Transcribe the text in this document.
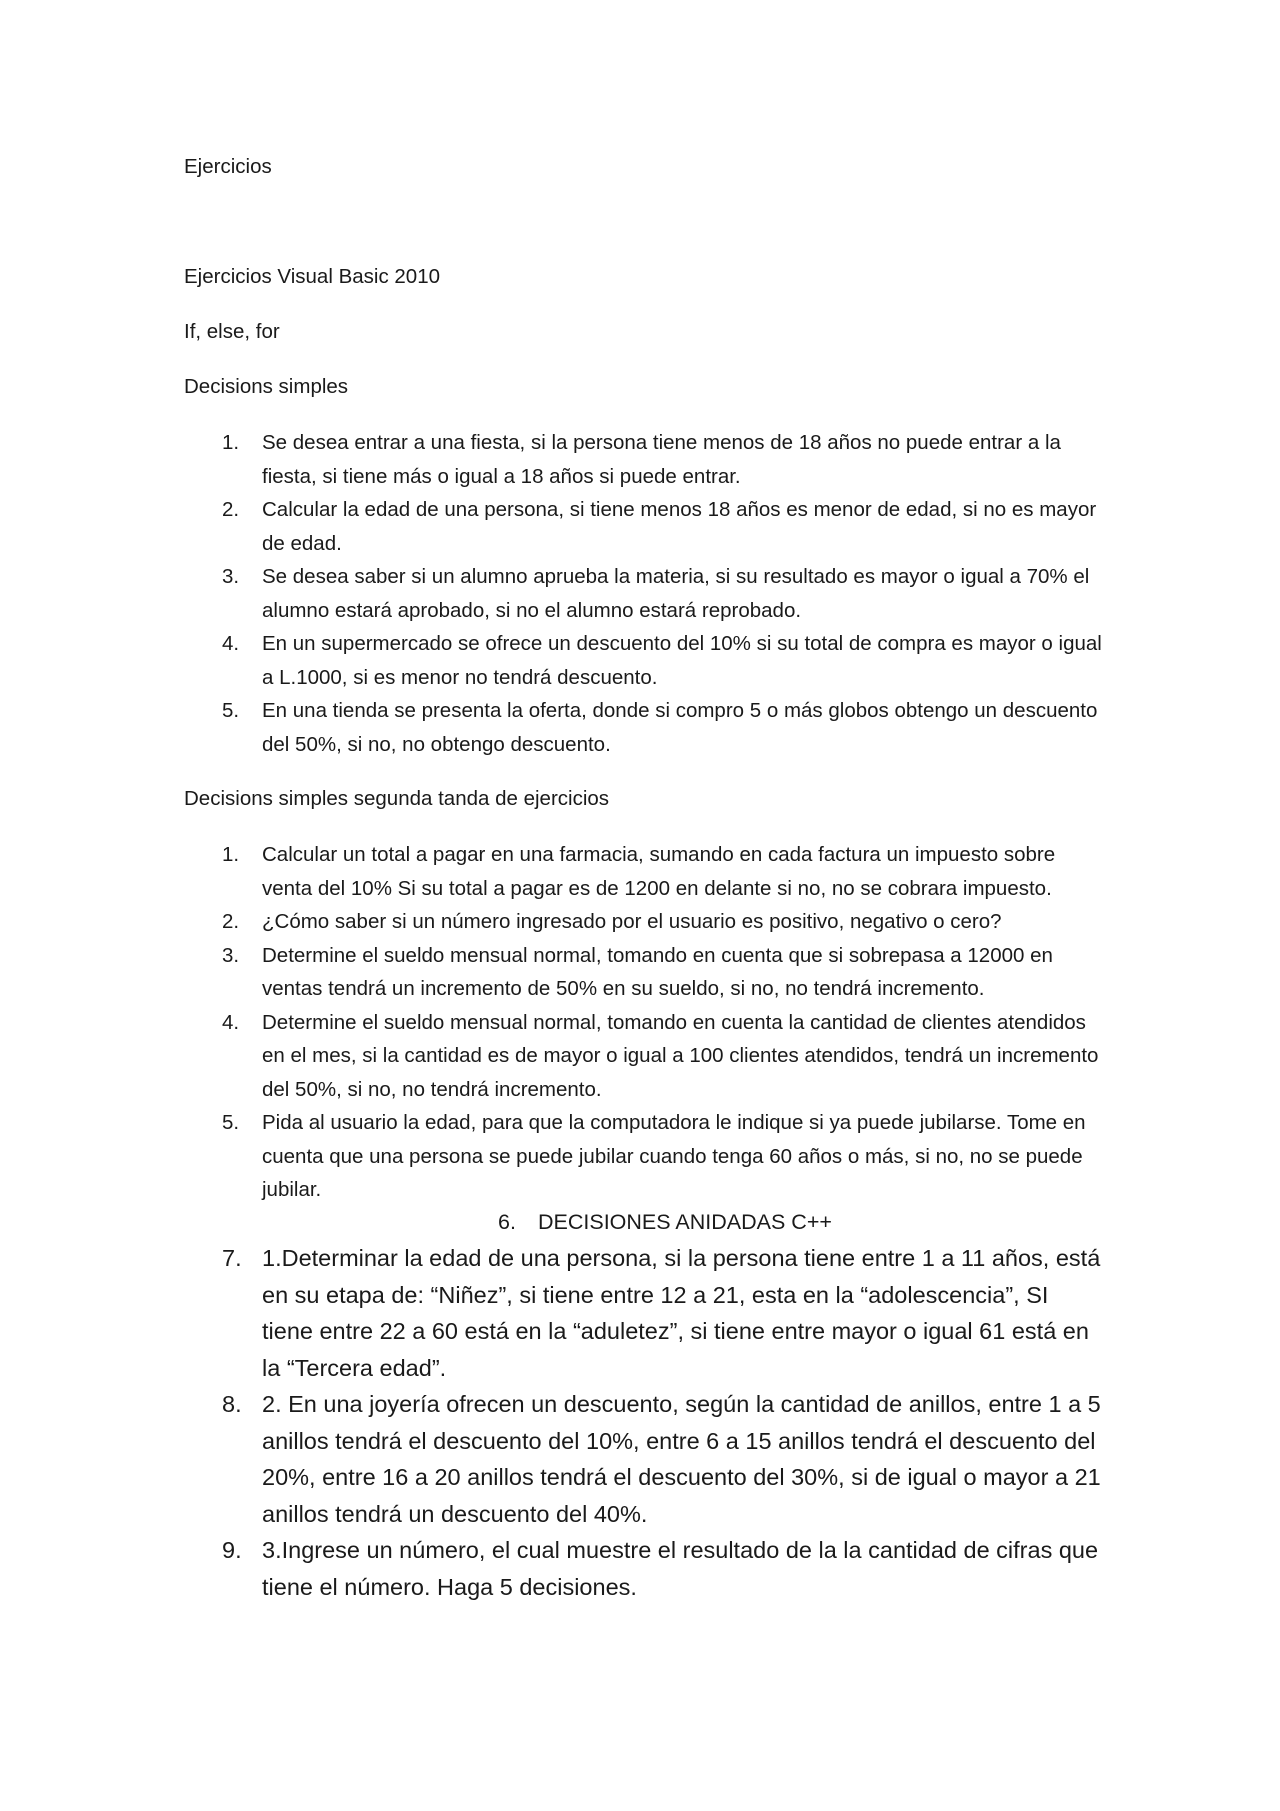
Ejercicios

Ejercicios Visual Basic 2010

If, else, for

Decisions simples

1.	Se desea entrar a una fiesta, si la persona tiene menos de 18 años no puede entrar a la fiesta, si tiene más o igual a 18 años si puede entrar.
2.	Calcular la edad de una persona, si tiene menos 18 años es menor de edad, si no es mayor de edad.
3.	Se desea saber si un alumno aprueba la materia, si su resultado es mayor o igual a 70% el alumno estará aprobado, si no el alumno estará reprobado.
4.	En un supermercado se ofrece un descuento del 10% si su total de compra es mayor o igual a L.1000, si es menor no tendrá descuento.
5.	En una tienda se presenta la oferta, donde si compro 5 o más globos obtengo un descuento del 50%, si no, no obtengo descuento.

Decisions simples segunda tanda de ejercicios

1.	Calcular un total a pagar en una farmacia, sumando en cada factura un impuesto sobre venta del 10% Si su total a pagar es de 1200 en delante si no, no se cobrara impuesto.
2.	¿Cómo saber si un número ingresado por el usuario es positivo, negativo o cero?
3.	Determine el sueldo mensual normal, tomando en cuenta que si sobrepasa a 12000 en ventas tendrá un incremento de 50% en su sueldo, si no, no tendrá incremento.
4.	Determine el sueldo mensual normal, tomando en cuenta la cantidad de clientes atendidos en el mes, si la cantidad es de mayor o igual a 100 clientes atendidos, tendrá un incremento del 50%, si no, no tendrá incremento.
5.	Pida al usuario la edad, para que la computadora le indique si ya puede jubilarse. Tome en cuenta que una persona se puede jubilar cuando tenga 60 años o más, si no, no se puede jubilar.
6. DECISIONES ANIDADAS C++
7. 1.Determinar la edad de una persona, si la persona tiene entre 1 a 11 años, está en su etapa de: “Niñez”, si tiene entre 12 a 21, esta en la “adolescencia”, SI tiene entre 22 a 60 está en la “aduletez”, si tiene entre mayor o igual 61 está en la “Tercera edad”.
8. 2. En una joyería ofrecen un descuento, según la cantidad de anillos, entre 1 a 5 anillos tendrá el descuento del 10%, entre 6 a 15 anillos tendrá el descuento del 20%, entre 16 a 20 anillos tendrá el descuento del 30%, si de igual o mayor a 21 anillos tendrá un descuento del 40%.
9. 3.Ingrese un número, el cual muestre el resultado de la la cantidad de cifras que tiene el número. Haga 5 decisiones.
